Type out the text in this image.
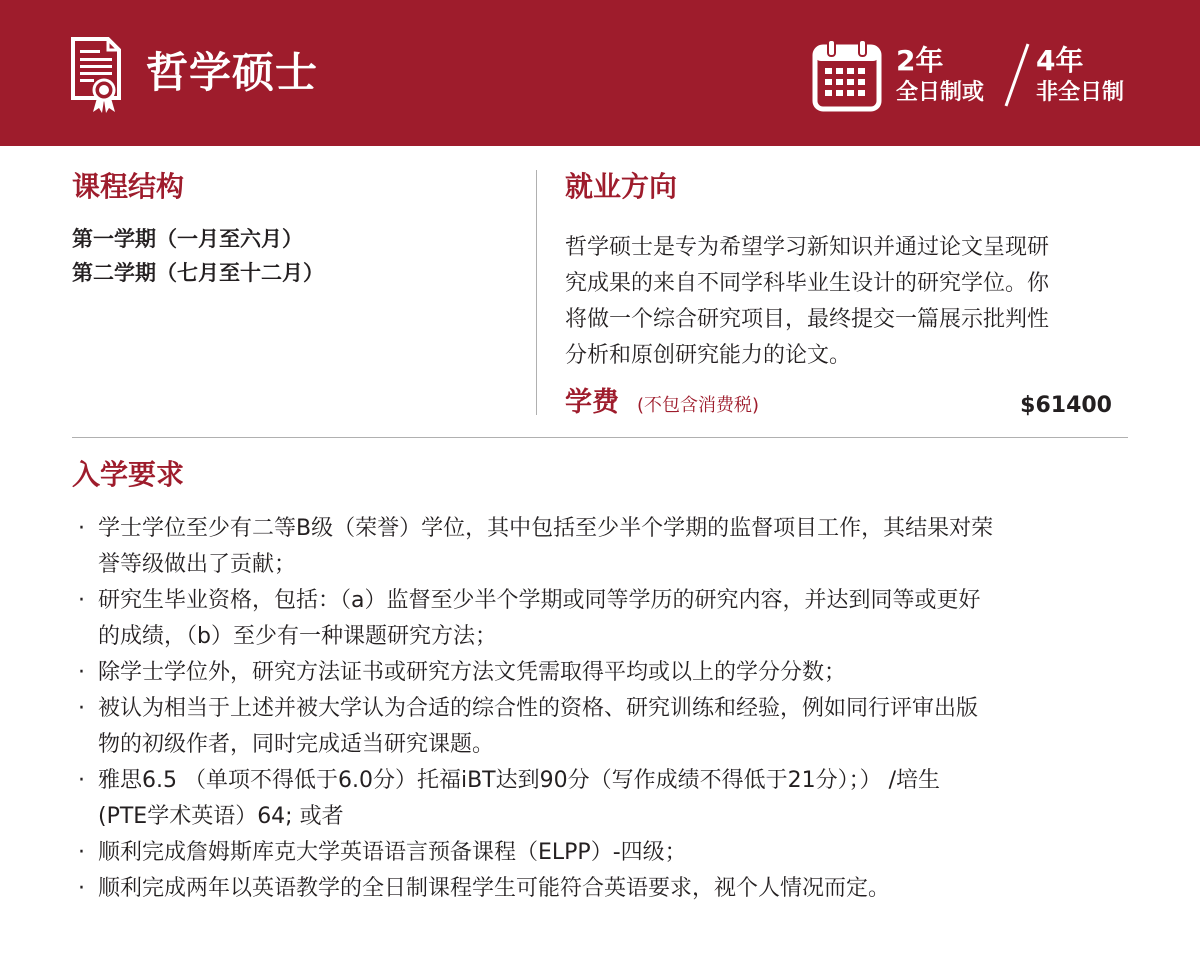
哲学硕士	2年
全日制或
4年
非全日制
课程结构
第一学期（一月至六月）
第二学期（七月至十二月）
就业方向
哲学硕士是专为希望学习新知识并通过论文呈现研
究成果的来自不同学科毕业生设计的研究学位。你
将做一个综合研究项目，最终提交一篇展示批判性
分析和原创研究能力的论文。
学费 (不包含消费税)	$61400
入学要求
· 学士学位至少有二等B级（荣誉）学位，其中包括至少半个学期的监督项目工作，其结果对荣
誉等级做出了贡献；
· 研究生毕业资格，包括：（a）监督至少半个学期或同等学历的研究内容，并达到同等或更好
的成绩，（b）至少有一种课题研究方法；
· 除学士学位外，研究方法证书或研究方法文凭需取得平均或以上的学分分数；
· 被认为相当于上述并被大学认为合适的综合性的资格、研究训练和经验，例如同行评审出版
物的初级作者，同时完成适当研究课题。
· 雅思6.5 （单项不得低于6.0分）托福iBT达到90分（写作成绩不得低于21分）；） /培生
(PTE学术英语）64; 或者
· 顺利完成詹姆斯库克大学英语语言预备课程（ELPP）-四级；
· 顺利完成两年以英语教学的全日制课程学生可能符合英语要求，视个人情况而定。
